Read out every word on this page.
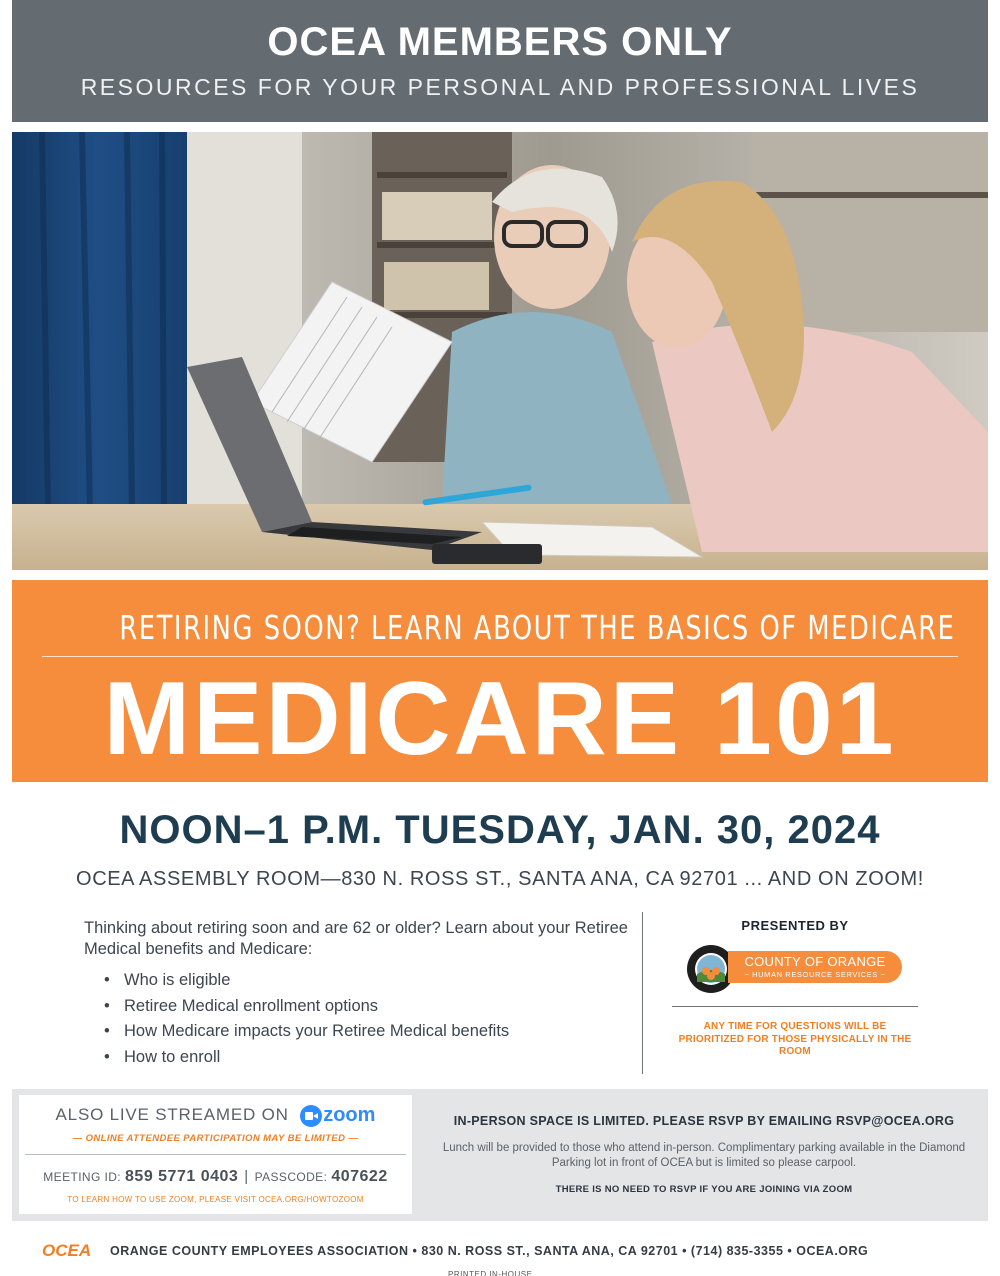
OCEA MEMBERS ONLY
RESOURCES FOR YOUR PERSONAL AND PROFESSIONAL LIVES
RETIRING SOON? LEARN ABOUT THE BASICS OF MEDICARE
MEDICARE 101
NOON–1 P.M. TUESDAY, JAN. 30, 2024
OCEA ASSEMBLY ROOM—830 N. ROSS ST., SANTA ANA, CA 92701 ... AND ON ZOOM!
Thinking about retiring soon and are 62 or older? Learn about your Retiree Medical benefits and Medicare:
• Who is eligible
• Retiree Medical enrollment options
• How Medicare impacts your Retiree Medical benefits
• How to enroll
PRESENTED BY
COUNTY OF ORANGE
~ HUMAN RESOURCE SERVICES ~
ANY TIME FOR QUESTIONS WILL BE PRIORITIZED FOR THOSE PHYSICALLY IN THE ROOM
ALSO LIVE STREAMED ON zoom
— ONLINE ATTENDEE PARTICIPATION MAY BE LIMITED —
MEETING ID: 859 5771 0403 | PASSCODE: 407622
TO LEARN HOW TO USE ZOOM, PLEASE VISIT OCEA.ORG/HOWTOZOOM
IN-PERSON SPACE IS LIMITED. PLEASE RSVP BY EMAILING RSVP@OCEA.ORG
Lunch will be provided to those who attend in-person. Complimentary parking available in the Diamond Parking lot in front of OCEA but is limited so please carpool.
THERE IS NO NEED TO RSVP IF YOU ARE JOINING VIA ZOOM
OCEA ORANGE COUNTY EMPLOYEES ASSOCIATION • 830 N. ROSS ST., SANTA ANA, CA 92701 • (714) 835-3355 • OCEA.ORG
PRINTED IN-HOUSE
